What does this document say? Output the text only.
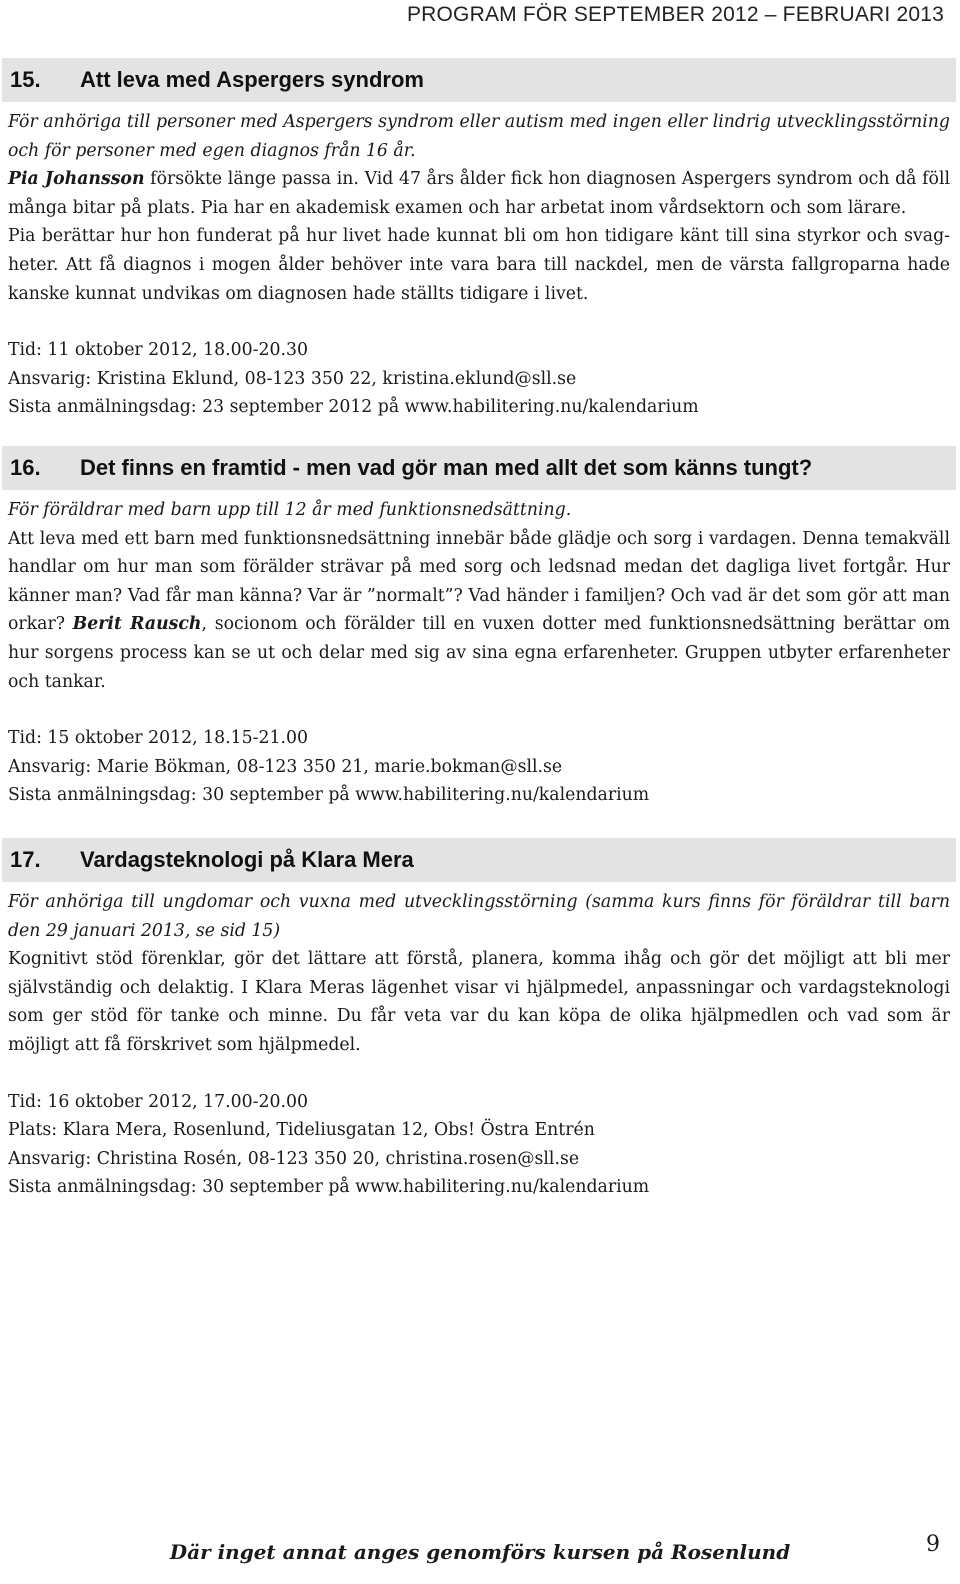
PROGRAM FÖR SEPTEMBER 2012 – FEBRUARI 2013
15.	Att leva med Aspergers syndrom

För anhöriga till personer med Aspergers syndrom eller autism med ingen eller lindrig utvecklingsstörning och för personer med egen diagnos från 16 år.

Pia Johansson försökte länge passa in. Vid 47 års ålder fick hon diagnosen Aspergers syndrom och då föll många bitar på plats. Pia har en akademisk examen och har arbetat inom vårdsektorn och som lärare.

Pia berättar hur hon funderat på hur livet hade kunnat bli om hon tidigare känt till sina styrkor och svagheter. Att få diagnos i mogen ålder behöver inte vara bara till nackdel, men de värsta fallgroparna hade kanske kunnat undvikas om diagnosen hade ställts tidigare i livet.

Tid: 11 oktober 2012, 18.00-20.30

Ansvarig: Kristina Eklund, 08-123 350 22, kristina.eklund@sll.se

Sista anmälningsdag: 23 september 2012 på www.habilitering.nu/kalendarium

16.	Det finns en framtid - men vad gör man med allt det som känns tungt?

För föräldrar med barn upp till 12 år med funktionsnedsättning.

Att leva med ett barn med funktionsnedsättning innebär både glädje och sorg i vardagen. Denna temakväll handlar om hur man som förälder strävar på med sorg och ledsnad medan det dagliga livet fortgår. Hur känner man? Vad får man känna? Var är ”normalt”? Vad händer i familjen? Och vad är det som gör att man orkar? Berit Rausch, socionom och förälder till en vuxen dotter med funktionsnedsättning berättar om hur sorgens process kan se ut och delar med sig av sina egna erfarenheter. Gruppen utbyter erfarenheter och tankar.

Tid: 15 oktober 2012, 18.15-21.00

Ansvarig: Marie Bökman, 08-123 350 21, marie.bokman@sll.se

Sista anmälningsdag: 30 september på www.habilitering.nu/kalendarium

17.	Vardagsteknologi på Klara Mera

För anhöriga till ungdomar och vuxna med utvecklingsstörning (samma kurs finns för föräldrar till barn den 29 januari 2013, se sid 15)

Kognitivt stöd förenklar, gör det lättare att förstå, planera, komma ihåg och gör det möjligt att bli mer självständig och delaktig. I Klara Meras lägenhet visar vi hjälpmedel, anpassningar och vardagsteknologi som ger stöd för tanke och minne. Du får veta var du kan köpa de olika hjälpmedlen och vad som är möjligt att få förskrivet som hjälpmedel.

Tid: 16 oktober 2012, 17.00-20.00

Plats: Klara Mera, Rosenlund, Tideliusgatan 12, Obs! Östra Entrén

Ansvarig: Christina Rosén, 08-123 350 20, christina.rosen@sll.se

Sista anmälningsdag: 30 september på www.habilitering.nu/kalendarium

Där inget annat anges genomförs kursen på Rosenlund	9
